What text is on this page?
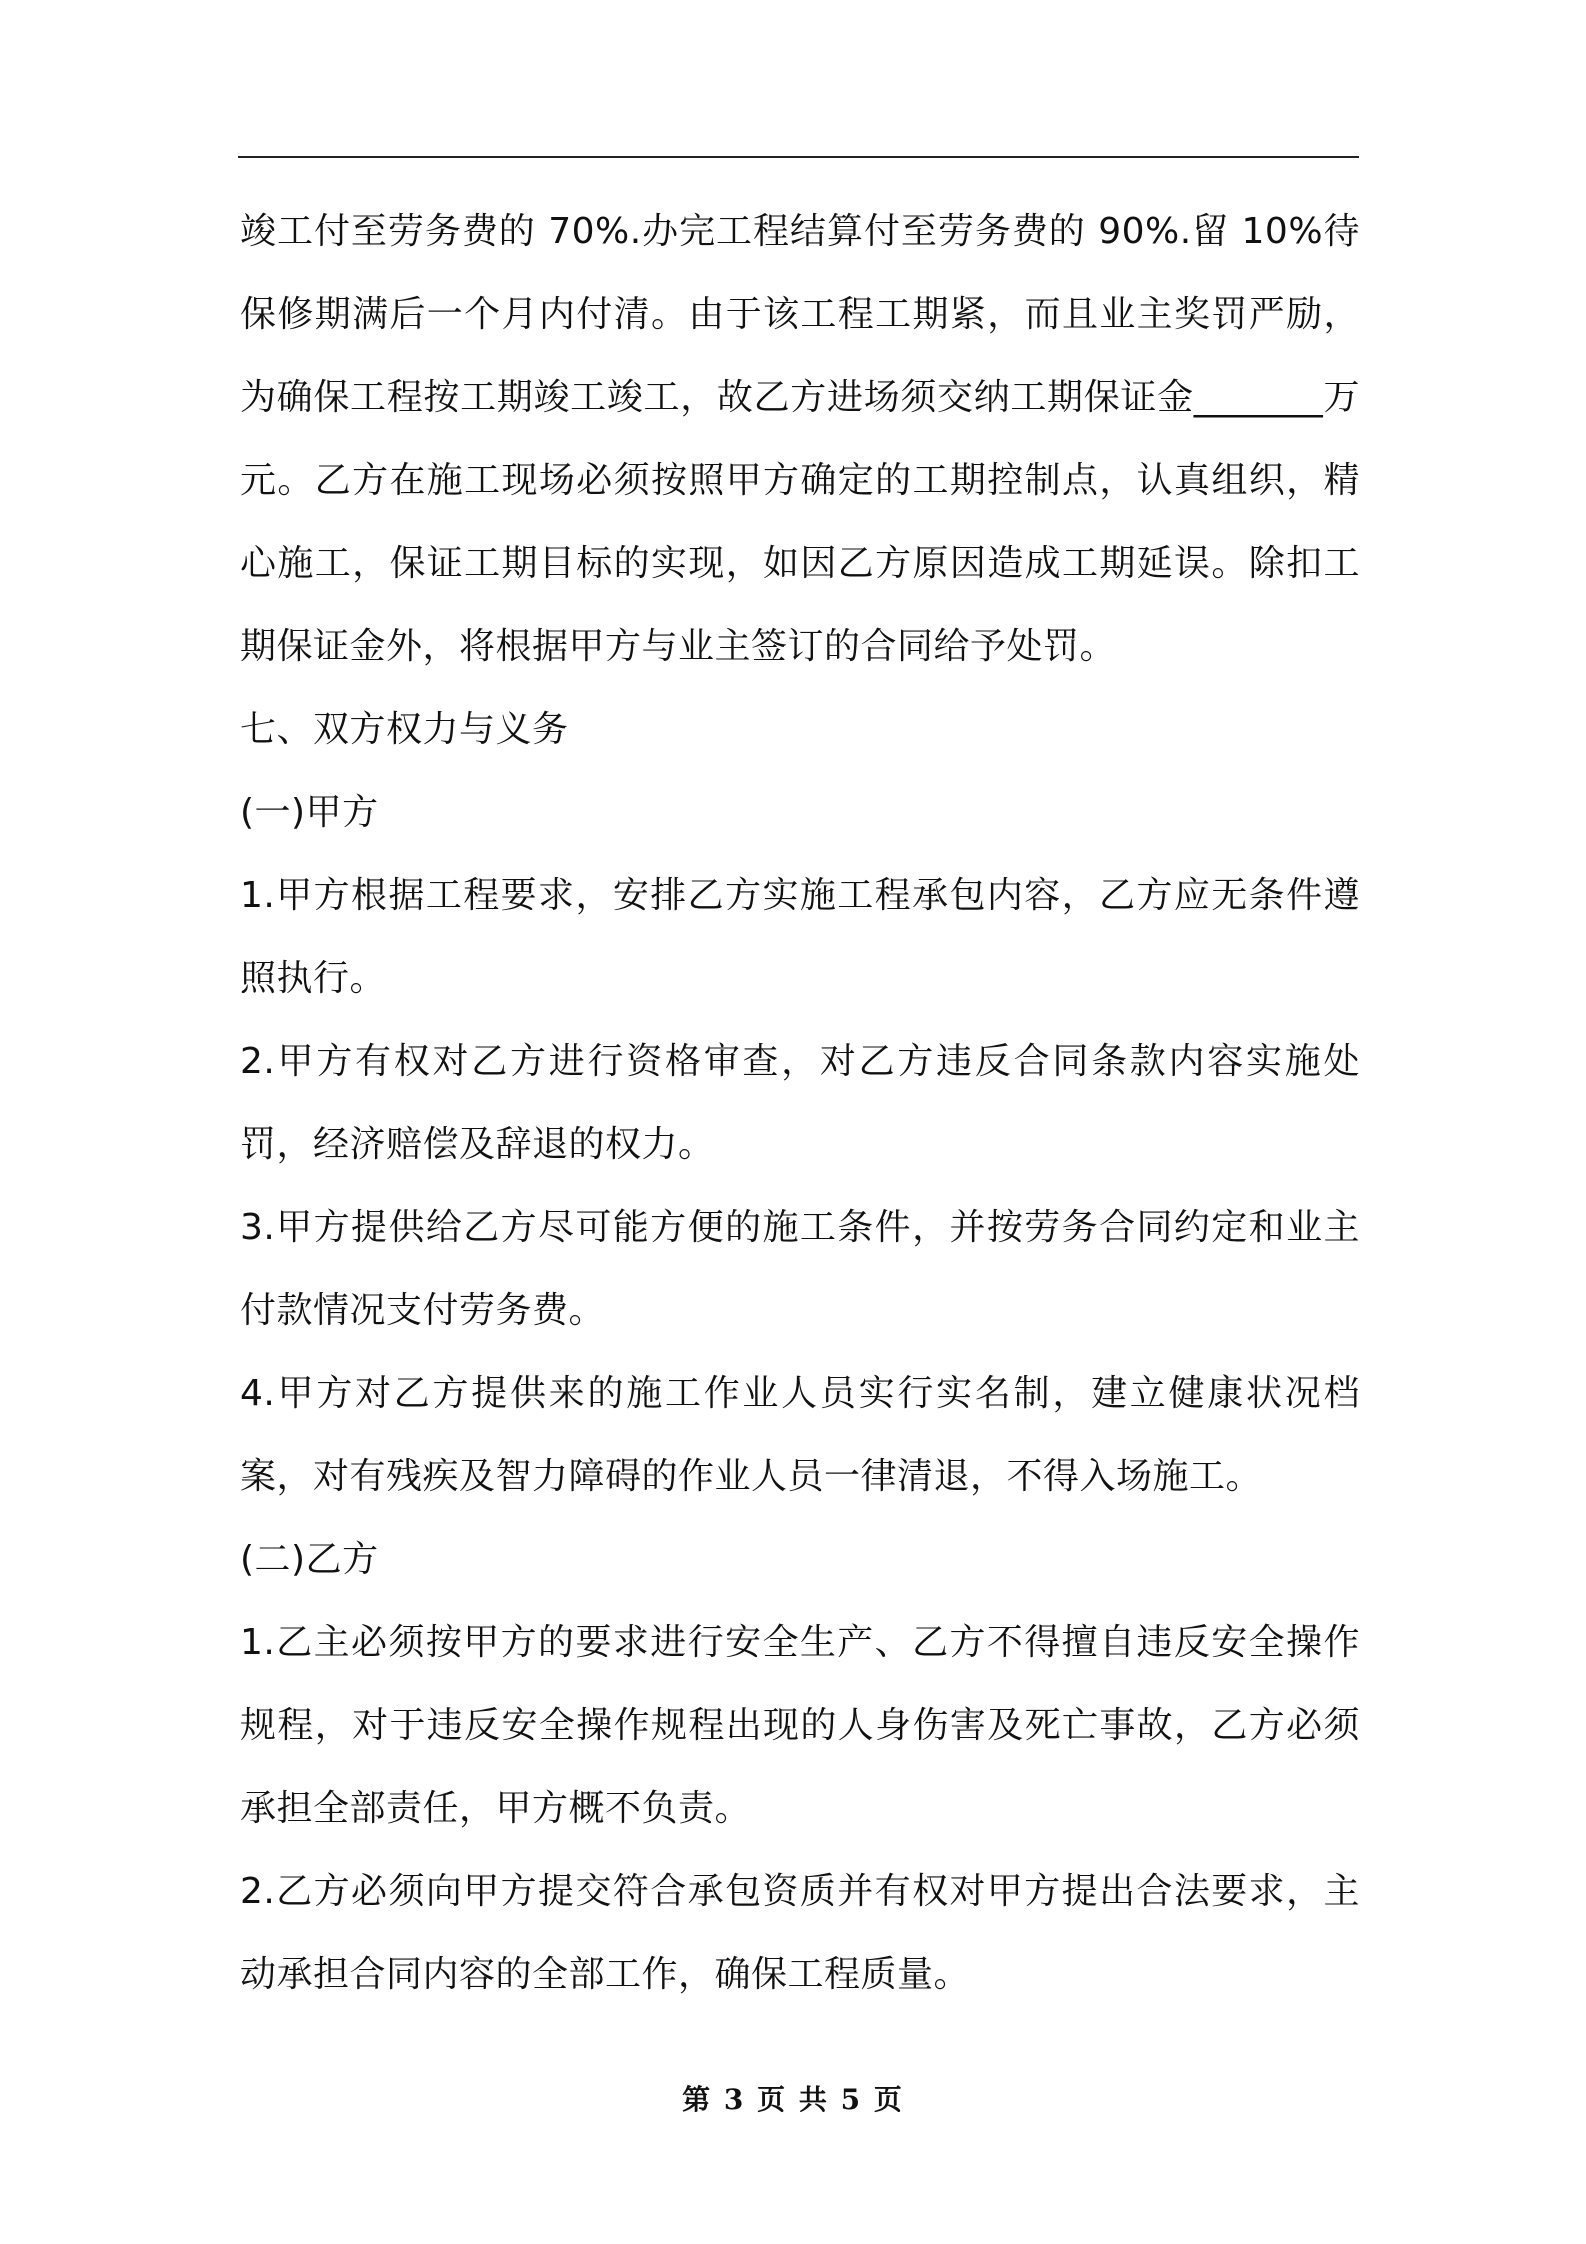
竣工付至劳务费的 70%.办完工程结算付至劳务费的 90%.留 10%待保修期满后一个月内付清。由于该工程工期紧，而且业主奖罚严励，为确保工程按工期竣工竣工，故乙方进场须交纳工期保证金_______万元。乙方在施工现场必须按照甲方确定的工期控制点，认真组织，精心施工，保证工期目标的实现，如因乙方原因造成工期延误。除扣工期保证金外，将根据甲方与业主签订的合同给予处罚。

七、双方权力与义务

(一)甲方

1.甲方根据工程要求，安排乙方实施工程承包内容，乙方应无条件遵照执行。

2.甲方有权对乙方进行资格审查，对乙方违反合同条款内容实施处罚，经济赔偿及辞退的权力。

3.甲方提供给乙方尽可能方便的施工条件，并按劳务合同约定和业主付款情况支付劳务费。

4.甲方对乙方提供来的施工作业人员实行实名制，建立健康状况档案，对有残疾及智力障碍的作业人员一律清退，不得入场施工。

(二)乙方

1.乙主必须按甲方的要求进行安全生产、乙方不得擅自违反安全操作规程，对于违反安全操作规程出现的人身伤害及死亡事故，乙方必须承担全部责任，甲方概不负责。

2.乙方必须向甲方提交符合承包资质并有权对甲方提出合法要求，主动承担合同内容的全部工作，确保工程质量。

第 3 页 共 5 页
